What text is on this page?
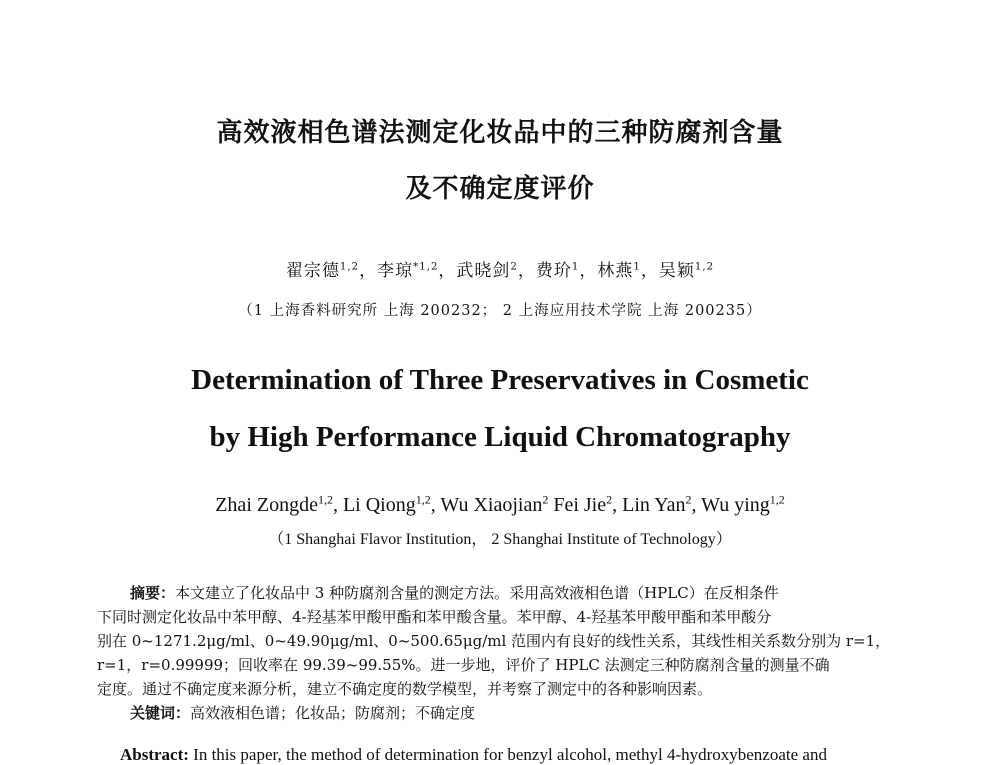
高效液相色谱法测定化妆品中的三种防腐剂含量
及不确定度评价
翟宗德$^{1,2}$，李琼$^{*1,2}$，武晓剑$^2$，费玠$^1$，林燕$^1$，吴颖$^{1,2}$
（1 上海香料研究所 上海 200232； 2 上海应用技术学院 上海 200235）
Determination of Three Preservatives in Cosmetic
by High Performance Liquid Chromatography
Zhai Zongde$^{1,2}$, Li Qiong$^{1,2}$, Wu Xiaojian$^2$ Fei Jie$^2$, Lin Yan$^2$, Wu ying$^{1,2}$
（1 Shanghai Flavor Institution， 2 Shanghai Institute of Technology）
摘要：本文建立了化妆品中 3 种防腐剂含量的测定方法。采用高效液相色谱（HPLC）在反相条件
下同时测定化妆品中苯甲醇、4-羟基苯甲酸甲酯和苯甲酸含量。苯甲醇、4-羟基苯甲酸甲酯和苯甲酸分
别在 0~1271.2μg/ml、0~49.90μg/ml、0~500.65μg/ml 范围内有良好的线性关系，其线性相关系数分别为 r=1，
r=1，r=0.99999；回收率在 99.39~99.55%。进一步地，评价了 HPLC 法测定三种防腐剂含量的测量不确
定度。通过不确定度来源分析，建立不确定度的数学模型，并考察了测定中的各种影响因素。
关键词：高效液相色谱；化妆品；防腐剂；不确定度
Abstract: In this paper, the method of determination for benzyl alcohol, methyl 4-hydroxybenzoate and
